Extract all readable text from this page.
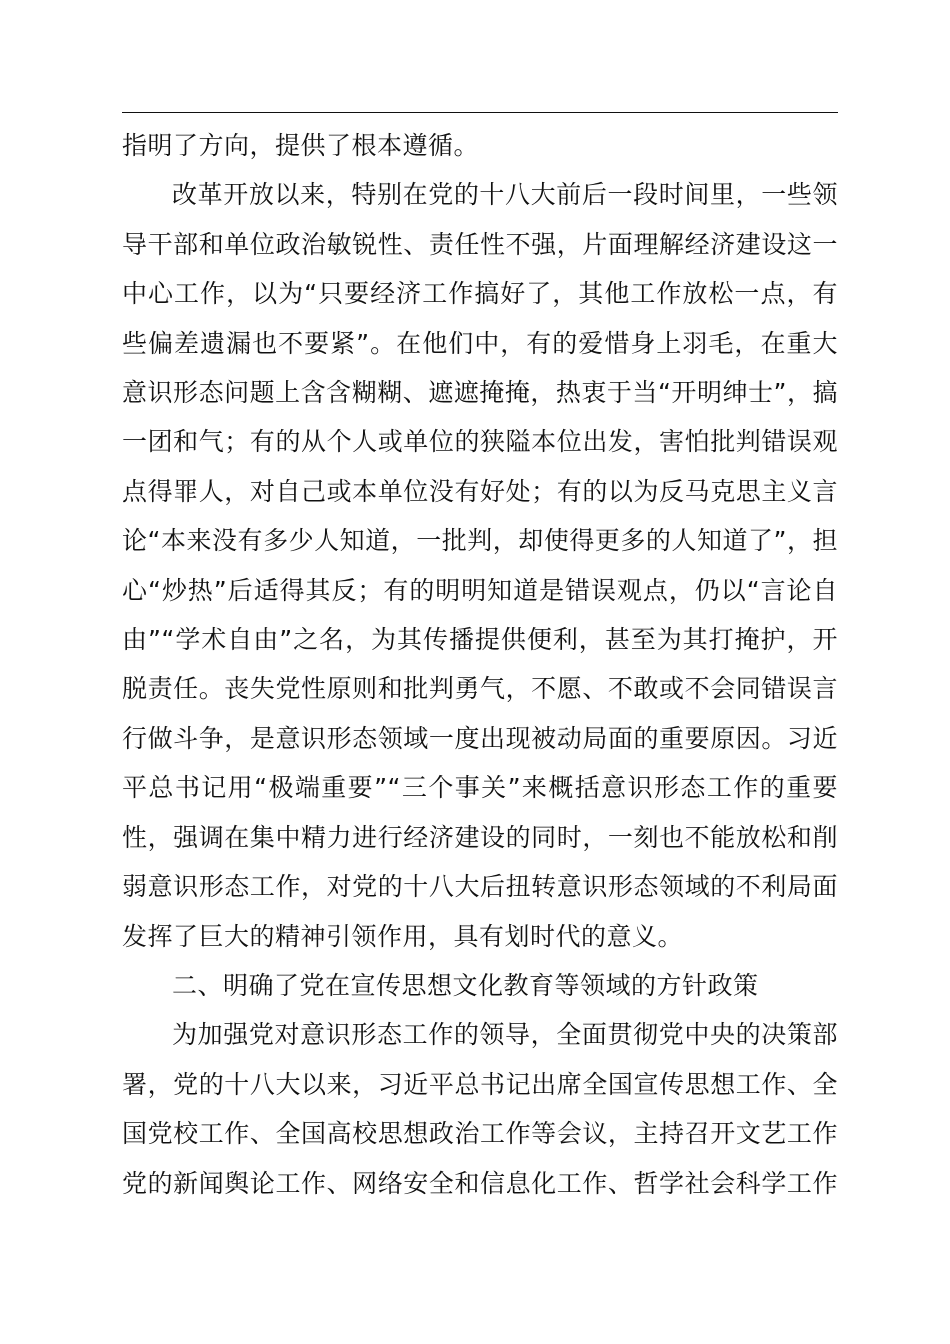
指明了方向，提供了根本遵循。
改革开放以来，特别在党的十八大前后一段时间里，一些领
导干部和单位政治敏锐性、责任性不强，片面理解经济建设这一
中心工作，以为“只要经济工作搞好了，其他工作放松一点，有
些偏差遗漏也不要紧”。在他们中，有的爱惜身上羽毛，在重大
意识形态问题上含含糊糊、遮遮掩掩，热衷于当“开明绅士”，搞
一团和气；有的从个人或单位的狭隘本位出发，害怕批判错误观
点得罪人，对自己或本单位没有好处；有的以为反马克思主义言
论“本来没有多少人知道，一批判，却使得更多的人知道了”，担
心“炒热”后适得其反；有的明明知道是错误观点，仍以“言论自
由”“学术自由”之名，为其传播提供便利，甚至为其打掩护，开
脱责任。丧失党性原则和批判勇气，不愿、不敢或不会同错误言
行做斗争，是意识形态领域一度出现被动局面的重要原因。习近
平总书记用“极端重要”“三个事关”来概括意识形态工作的重要
性，强调在集中精力进行经济建设的同时，一刻也不能放松和削
弱意识形态工作，对党的十八大后扭转意识形态领域的不利局面
发挥了巨大的精神引领作用，具有划时代的意义。
二、明确了党在宣传思想文化教育等领域的方针政策
为加强党对意识形态工作的领导，全面贯彻党中央的决策部
署，党的十八大以来，习近平总书记出席全国宣传思想工作、全
国党校工作、全国高校思想政治工作等会议，主持召开文艺工作
党的新闻舆论工作、网络安全和信息化工作、哲学社会科学工作
